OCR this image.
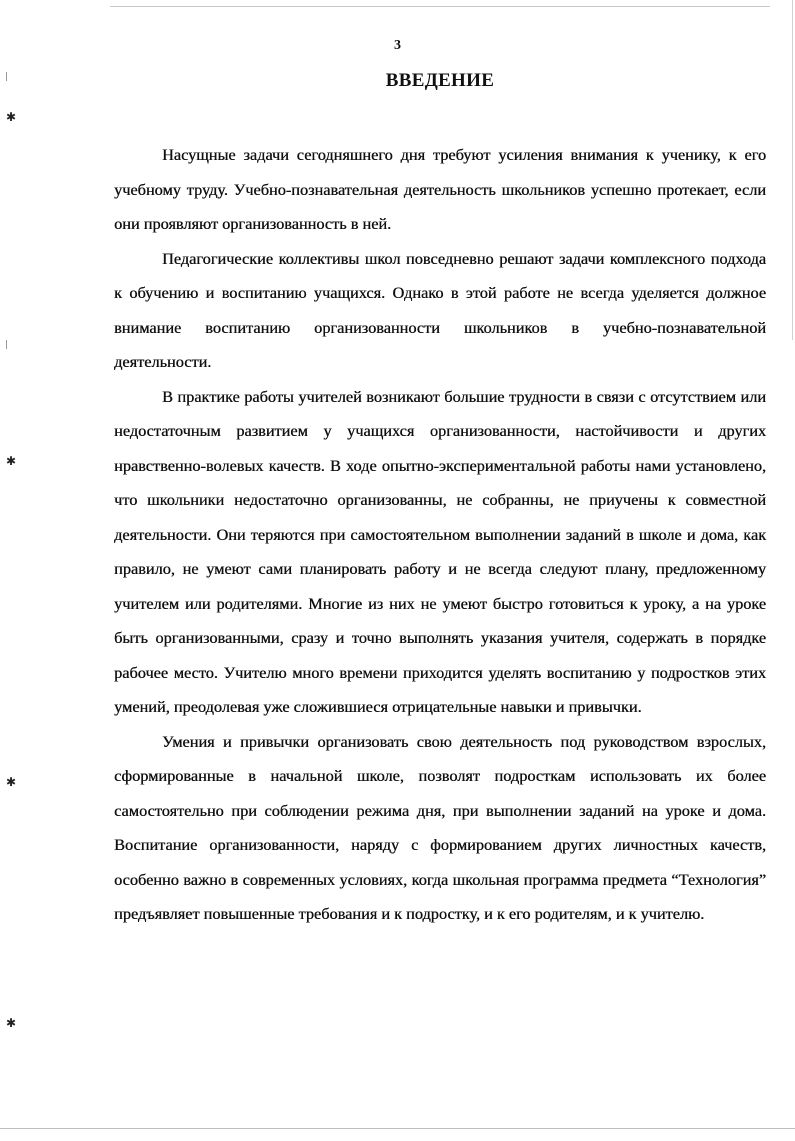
✱
✱
✱
✱
3
ВВЕДЕНИЕ

Насущные задачи сегодняшнего дня требуют усиления внимания к ученику, к его учебному труду. Учебно-познавательная деятельность школьников успешно протекает, если они проявляют организованность в ней.

Педагогические коллективы школ повседневно решают задачи комплексного подхода к обучению и воспитанию учащихся. Однако в этой работе не всегда уделяется должное внимание воспитанию организованности школьников в учебно-познавательной деятельности.

В практике работы учителей возникают большие трудности в связи с отсутствием или недостаточным развитием у учащихся организованности, настойчивости и других нравственно-волевых качеств. В ходе опытно-экспериментальной работы нами установлено, что школьники недостаточно организованны, не собранны, не приучены к совместной деятельности. Они теряются при самостоятельном выполнении заданий в школе и дома, как правило, не умеют сами планировать работу и не всегда следуют плану, предложенному учителем или родителями. Многие из них не умеют быстро готовиться к уроку, а на уроке быть организованными, сразу и точно выполнять указания учителя, содержать в порядке рабочее место. Учителю много времени приходится уделять воспитанию у подростков этих умений, преодолевая уже сложившиеся отрицательные навыки и привычки.

Умения и привычки организовать свою деятельность под руководством взрослых, сформированные в начальной школе, позволят подросткам использовать их более самостоятельно при соблюдении режима дня, при выполнении заданий на уроке и дома. Воспитание организованности, наряду с формированием других личностных качеств, особенно важно в современных условиях, когда школьная программа предмета “Технология” предъявляет повышенные требования и к подростку, и к его родителям, и к учителю.
